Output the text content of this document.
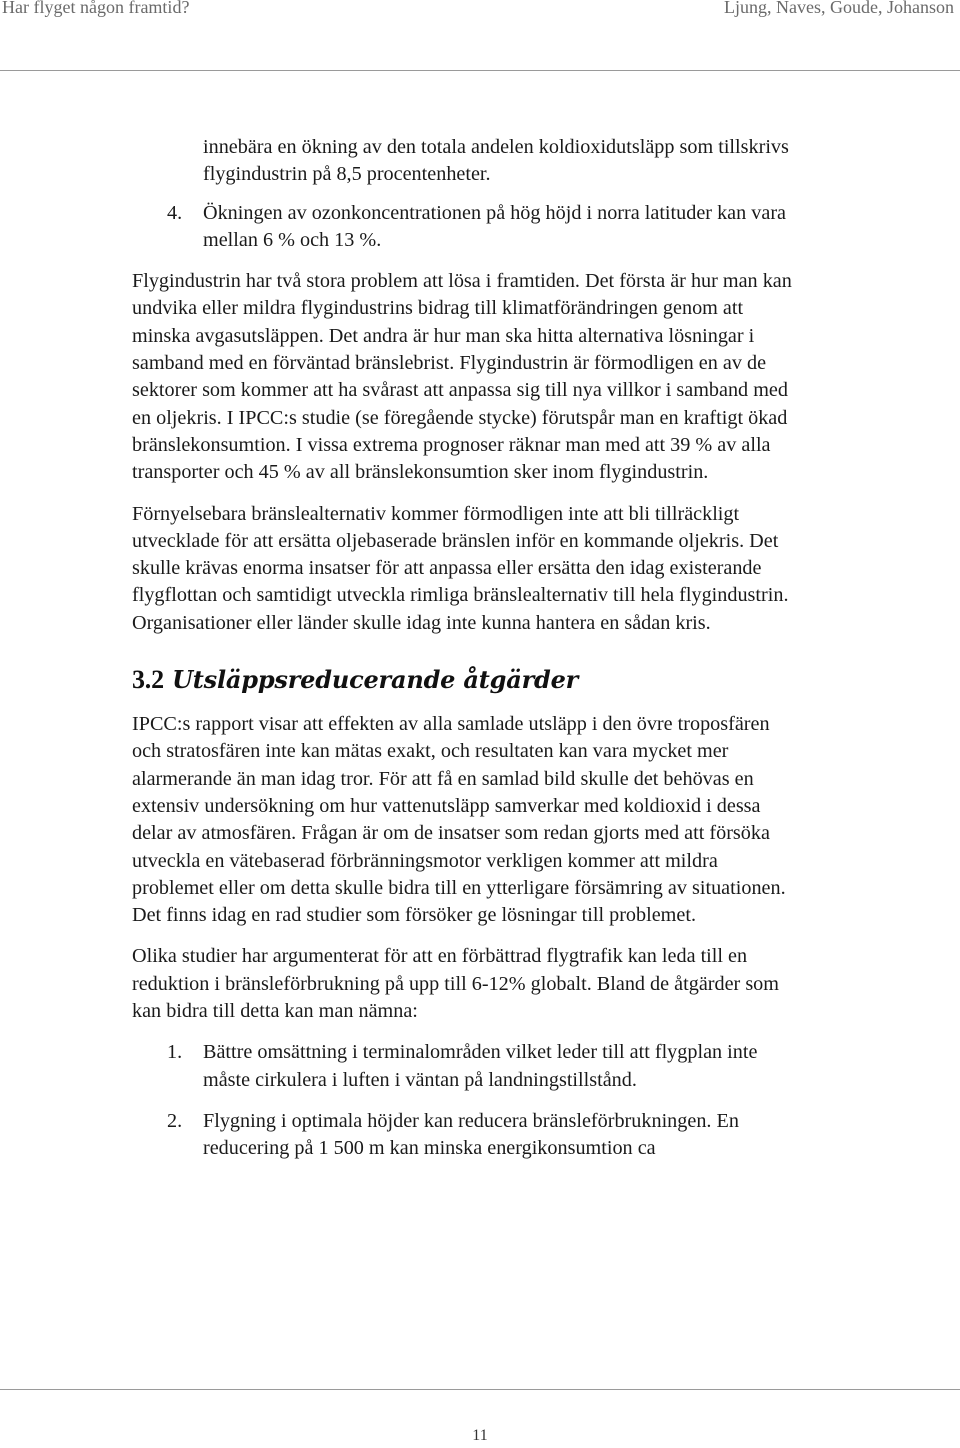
Har flyget någon framtid?	Ljung, Naves, Goude, Johanson

innebära en ökning av den totala andelen koldioxidutsläpp som tillskrivs flygindustrin på 8,5 procentenheter.

4.	Ökningen av ozonkoncentrationen på hög höjd i norra latituder kan vara mellan 6 % och 13 %.

Flygindustrin har två stora problem att lösa i framtiden. Det första är hur man kan undvika eller mildra flygindustrins bidrag till klimatförändringen genom att minska avgasutsläppen. Det andra är hur man ska hitta alternativa lösningar i samband med en förväntad bränslebrist. Flygindustrin är förmodligen en av de sektorer som kommer att ha svårast att anpassa sig till nya villkor i samband med en oljekris. I IPCC:s studie (se föregående stycke) förutspår man en kraftigt ökad bränslekonsumtion. I vissa extrema prognoser räknar man med att 39 % av alla transporter och 45 % av all bränslekonsumtion sker inom flygindustrin.

Förnyelsebara bränslealternativ kommer förmodligen inte att bli tillräckligt utvecklade för att ersätta oljebaserade bränslen inför en kommande oljekris. Det skulle krävas enorma insatser för att anpassa eller ersätta den idag existerande flygflottan och samtidigt utveckla rimliga bränslealternativ till hela flygindustrin. Organisationer eller länder skulle idag inte kunna hantera en sådan kris.

3.2 Utsläppsreducerande åtgärder

IPCC:s rapport visar att effekten av alla samlade utsläpp i den övre troposfären och stratosfären inte kan mätas exakt, och resultaten kan vara mycket mer alarmerande än man idag tror. För att få en samlad bild skulle det behövas en extensiv undersökning om hur vattenutsläpp samverkar med koldioxid i dessa delar av atmosfären. Frågan är om de insatser som redan gjorts med att försöka utveckla en vätebaserad förbränningsmotor verkligen kommer att mildra problemet eller om detta skulle bidra till en ytterligare försämring av situationen. Det finns idag en rad studier som försöker ge lösningar till problemet.

Olika studier har argumenterat för att en förbättrad flygtrafik kan leda till en reduktion i bränsleförbrukning på upp till 6-12% globalt. Bland de åtgärder som kan bidra till detta kan man nämna:

1.	Bättre omsättning i terminalområden vilket leder till att flygplan inte måste cirkulera i luften i väntan på landningstillstånd.
2.	Flygning i optimala höjder kan reducera bränsleförbrukningen. En reducering på 1 500 m kan minska energikonsumtion ca
11
